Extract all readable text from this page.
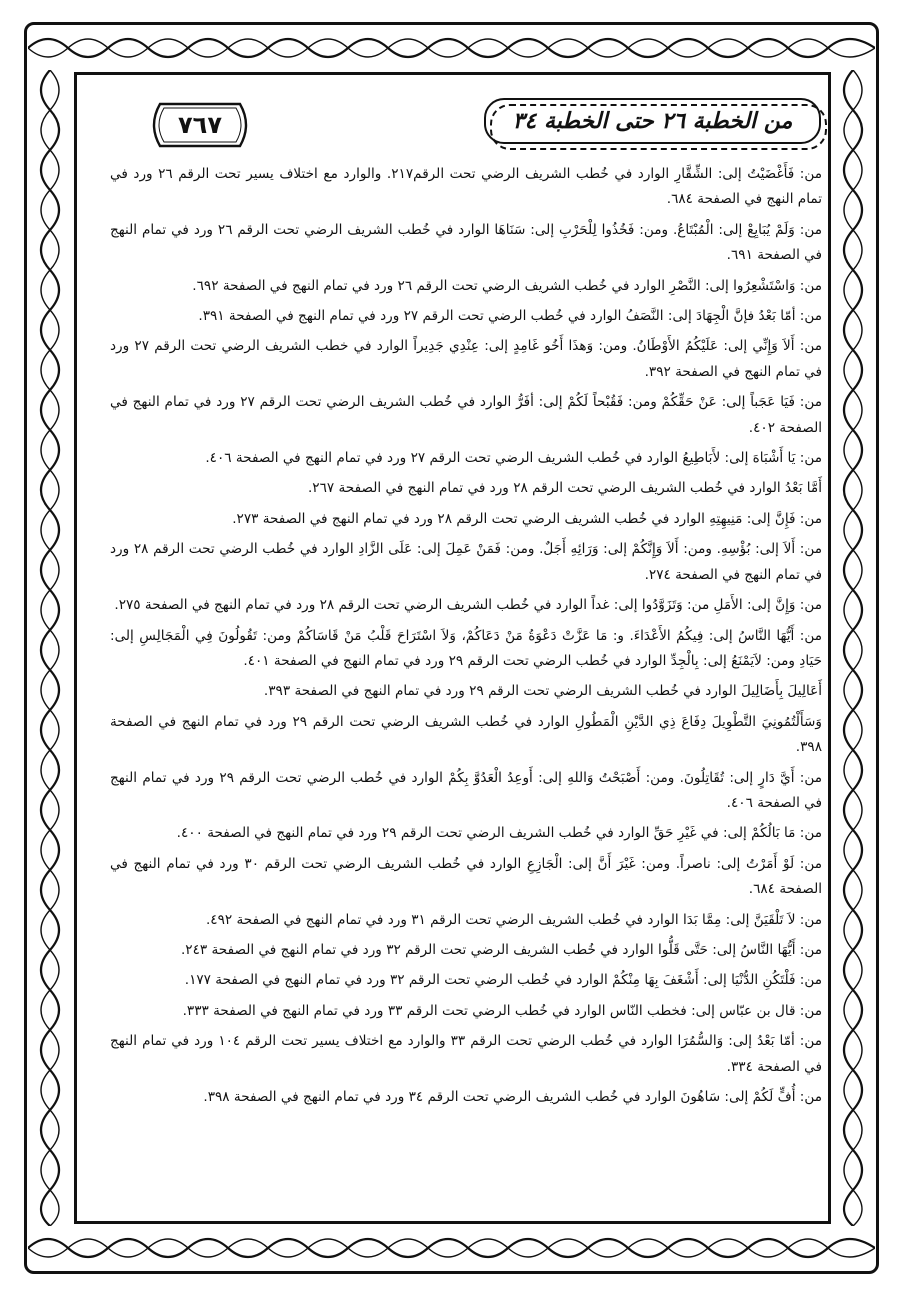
من الخطبة ٢٦ حتى الخطبة ٣٤
٧٦٧

من: فَأَغْضَيْتُ إلى: الشِّقَّارِ الوارد في خُطب الشريف الرضي تحت الرقم٢١٧. والوارد مع اختلاف يسير تحت الرقم ٢٦ ورد في تمام النهج في الصفحة ٦٨٤.

من: وَلَمْ يُبَايِعْ إلى: الْمُبْتَاعُ. ومن: فَخُذُوا لِلْحَرْبِ إلى: سَنَاهَا الوارد في خُطب الشريف الرضي تحت الرقم ٢٦ ورد في تمام النهج في الصفحة ٦٩١.

من: وَاسْتَشْعِرُوا إلى: النَّصْرِ الوارد في خُطب الشريف الرضي تحت الرقم ٢٦ ورد في تمام النهج في الصفحة ٦٩٢.

من: أمّا بَعْدُ فإنَّ الْجِهَادَ إلى: النَّصَفُ الوارد في خُطب الرضي تحت الرقم ٢٧ ورد في تمام النهج في الصفحة ٣٩١.

من: أَلاَ وَإِنِّي إلى: عَلَيْكُمُ الأَوْطَانُ. ومن: وَهذَا أَخُو غَامِدٍ إلى: عِنْدِي جَدِيراً الوارد في خطب الشريف الرضي تحت الرقم ٢٧ ورد في تمام النهج في الصفحة ٣٩٢.

من: فَيَا عَجَباً إلى: عَنْ حَقِّكُمْ ومن: فَقُبْحاً لَكُمْ إلى: أفَرُّ الوارد في خُطب الشريف الرضي تحت الرقم ٢٧ ورد في تمام النهج في الصفحة ٤٠٢.

من: يَا أَشْبَاهَ إلى: لأَبَاطِيعُ الوارد في خُطب الشريف الرضي تحت الرقم ٢٧ ورد في تمام النهج في الصفحة ٤٠٦.

أَمَّا بَعْدُ الوارد في خُطب الشريف الرضي تحت الرقم ٢٨ ورد في تمام النهج في الصفحة ٢٦٧.

من: فَإِنَّ إلى: مَنِيهِتِهِ الوارد في خُطب الشريف الرضي تحت الرقم ٢٨ ورد في تمام النهج في الصفحة ٢٧٣.

من: أَلاَ إلى: بُؤْسِهِ. ومن: أَلاَ وَإِنَّكُمْ إلى: وَرَائِهِ أَجَلٌ. ومن: فَمَنْ عَمِلَ إلى: عَلَى الزَّادِ الوارد في خُطب الرضي تحت الرقم ٢٨ ورد في تمام النهج في الصفحة ٢٧٤.

من: وَإِنَّ إلى: الأَمَلِ من: وَتَزَوَّدُوا إلى: غداً الوارد في خُطب الشريف الرضي تحت الرقم ٢٨ ورد في تمام النهج في الصفحة ٢٧٥.

من: أَيُّهَا النَّاسُ إلى: فِيكُمُ الأَعْدَاءَ. و: مَا عَزَّتْ دَعْوَةُ مَنْ دَعَاكُمْ، وَلاَ اسْتَرَاحَ قَلْبُ مَنْ قَاسَاكُمْ ومن: تَقُولُونَ فِي الْمَجَالِسِ إلى: حَيَادِ ومن: لاَيَمْنَعُ إلى: بِالْجِدِّ الوارد في خُطب الرضي تحت الرقم ٢٩ ورد في تمام النهج في الصفحة ٤٠١.

أَعَالِيلَ بِأَضَالِيلَ الوارد في خُطب الشريف الرضي تحت الرقم ٢٩ ورد في تمام النهج في الصفحة ٣٩٣.

وَسَأَلْتُمُونِيَ التَّطْوِيلَ دِفَاعَ ذِي الدَّيْنِ الْمَطُولِ الوارد في خُطب الشريف الرضي تحت الرقم ٢٩ ورد في تمام النهج في الصفحة ٣٩٨.

من: أَيَّ دَارٍ إلى: تُقَاتِلُونَ. ومن: أَصْبَحْتُ وَاللهِ إلى: أَوعِدُ الْعَدُوَّ بِكُمْ الوارد في خُطب الرضي تحت الرقم ٢٩ ورد في تمام النهج في الصفحة ٤٠٦.

من: مَا بَالُكُمْ إلى: في غَيْرِ حَقِّ الوارد في خُطب الشريف الرضي تحت الرقم ٢٩ ورد في تمام النهج في الصفحة ٤٠٠.

من: لَوْ أَمَرْتُ إلى: ناصراً. ومن: غَيْرَ أَنَّ إلى: الْجَازِعِ الوارد في خُطب الشريف الرضي تحت الرقم ٣٠ ورد في تمام النهج في الصفحة ٦٨٤.

من: لاَ تَلْقَيَنَّ إلى: مِمَّا بَدَا الوارد في خُطب الشريف الرضي تحت الرقم ٣١ ورد في تمام النهج في الصفحة ٤٩٢.

من: أَيُّهَا النَّاسُ إلى: حَتَّى قَلُّوا الوارد في خُطب الشريف الرضي تحت الرقم ٣٢ ورد في تمام النهج في الصفحة ٢٤٣.

من: فَلْتَكُنِ الدُّنْيَا إلى: أَشْغَفَ بِهَا مِنْكُمْ الوارد في خُطب الرضي تحت الرقم ٣٢ ورد في تمام النهج في الصفحة ١٧٧.

من: قال بن عبّاس إلى: فخطب النّاس الوارد في خُطب الرضي تحت الرقم ٣٣ ورد في تمام النهج في الصفحة ٣٣٣.

من: أمّا بَعْدُ إلى: وَالسُّمُرَا الوارد في خُطب الرضي تحت الرقم ٣٣ والوارد مع اختلاف يسير تحت الرقم ١٠٤ ورد في تمام النهج في الصفحة ٣٣٤.

من: أُفٍّ لَكُمْ إلى: سَاهُونَ الوارد في خُطب الشريف الرضي تحت الرقم ٣٤ ورد في تمام النهج في الصفحة ٣٩٨.
